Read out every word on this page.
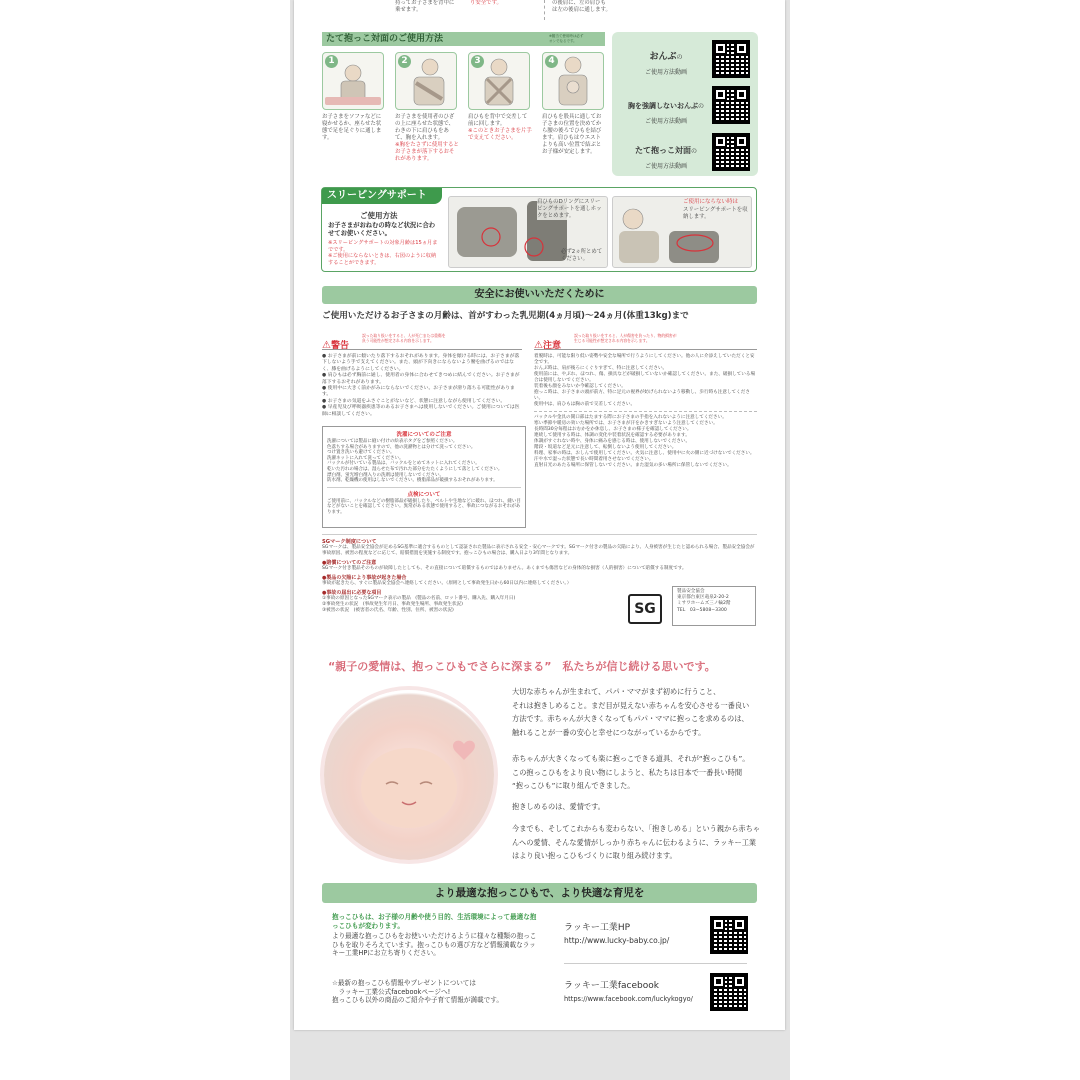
持ってお子さまを背中に
乗せます。
り安全です。	の後肩に、左の肩ひも
は左の後肩に通します。
たて抱っこ対面のご使用方法	※腰当て使用時は必ず
オンでなるです。
1	2	3	4
お子さまをソファなどに寝かせるか、座らせた状態で足を足ぐりに通します。
お子さまを使用者のひざの上に座らせた状態で、わきの下に肩ひもをあて、胸を入れます。
※胸をたさずに使用するとお子さまが落下するおそれがあります。
肩ひもを背中で交差して前に回します。
※このときお子さまを片手で支えてください。
肩ひもを股具に通してお子さまの位置を決めてから腰の後ろでひもを結びます。肩ひもはウエストよりも高い位置で結ぶとお子様が安定します。
おんぶの
ご使用方法動画
胸を強調しないおんぶの
ご使用方法動画
たて抱っこ対面の
ご使用方法動画
スリーピングサポート
ご使用方法
お子さまがおねむの時など状況に合わせてお使いください。
※スリーピングサポートの対象月齢は15ヵ月までです。
※ご使用にならないときは、右図のように収納することができます。
肩ひものDリングにスリーピングサポートを通しホックをとめます。
必ず2ヵ所とめてください。
ご使用にならない時は
スリーピングサポートを収納します。
安全にお使いいただくために
ご使用いただけるお子さまの月齢は、首がすわった乳児期(4ヵ月頃)〜24ヵ月(体重13kg)まで
⚠警告
誤った取り扱いをすると、人が死亡または重傷を
負う可能性が想定される内容を示します。
● お子さまが前に傾いたり落下するおそれがあります。身体を傾ける時には、お子さまが落下しないよう手で支えてください。また、頭が下向きにならないよう腰を曲げるのではなく、膝を曲げるようにしてください。
● 肩ひもは必ず胸前に通し、使用者の身体に合わせてきつめに結んでください。お子さまが落下するおそれがあります。
● 使用中に大きく前かがみにならないでください。お子さまが滑り落ちる可能性があります。
● お子さまの気道をふさぐことがないなど、状態に注意しながら使用してください。
● 早産児及び呼吸器疾患等のあるお子さまへは使用しないでください。ご使用については医師に相談してください。
洗濯についてのご注意
洗濯については製品に縫い付けの絵表示タグをご参照ください。
色落ちする場合がありますので、他の洗濯物とは分けて洗ってください。
つけ置き洗いも避けてください。
洗濯ネットに入れて洗ってください。
バックルが付いている製品は、バックルをとめてネットに入れてください。
乾いた汚れの場合は、湿らせた布で汚れた部分をたたくようにして落としてください。
漂白剤、蛍光増白剤入りの洗剤は使用しないでください。
防水剤、乾燥機の使用はしないでください。樹脂部品が破損するおそれがあります。
点検について
ご使用前に、バックルなどの樹脂部品が破損したり、ベルトや生地などに破れ、ほつれ、縫い目などがないことを確認してください。異常がある状態で使用すると、事故につながるおそれがあります。
⚠注意
誤った取り扱いをすると、人が傷害を負ったり、物的損害が
生じる可能性が想定される内容を示します。
着脱時は、可能な限り低い姿勢や安全な場所で行うようにしてください。他の人に介添えしていただくと安全です。
おんぶ時は、肩が後ろにくぐりすぎて、特に注意してください。
使用前には、やぶれ、ほつれ、傷、損具などが破損していないか確認してください。また、破損している場合は使用しないでください。
装着後も顔をみないか今確認してください。
抱っこ時は、お子さまの頭が前方、特に足元の視界が妨げられないよう移動し、歩行時も注意してください。
使用中は、肩ひもは胸の前で交差してください。
バックルや金具の開口部はたまする際にお子さまの手指を入れないように注意してください。
寒い季節や暖房の効いた場所では、お子さまが汗をかきすぎないよう注意してください。
長時間30分毎程はおむかをか休息し、お子さまの様子を確認してください。
連続して使用する時は、体調の変化や装着状況を確認する必要があります。
体調がすぐれない時や、身体に痛みを感じる時は、使用しないでください。
階段・坂道など足元に注意して、転倒しないよう使用してください。
料理、家事の時は、おしんで使用してください。火気に注意し、使用中に火の側に近づけないでください。
汗や水で湿った状態で長い時間着用させないでください。
直射日光のあたる場所に保管しないでください。また湿気の多い場所に保管しないでください。
SGマーク制度について
SGマークは、製品安全協会が定めるSG基準に適合するものとして認証された製品に表示される安全・安心マークです。SGマーク付きの製品の欠陥により、人身被害が生じたと認められる場合、製品安全協会が事故原因、被害の程度などに応じて、賠償措置を実施する制度です。抱っこひもの場合は、購入日より3年間となります。
●賠償についてのご注意
SGマーク付き製品そのものが故障したとしても、その直接について賠償するものではありません。あくまでも傷害などの身体的な損害（人的損害）について賠償する制度です。
●製品の欠陥により事故が起きた場合
事故が起きたら、すぐに製品安全協会へ連絡してください。（原則として事故発生日から60日以内に連絡してください。）
●事故の届出に必要な項目
①事故の原因となったSGマーク表示の製品　(製品の名前、ロット番号、購入先、購入年月日)
②事故発生の状況　(事故発生年月日、事故発生場所、事故発生状況)
③被害の状況　(被害者の氏名、年齢、性別、住所、被害の状況)	SG
製品安全協会
東京都台東区竜泉2-20-2
ミサワホームズ三ノ輪2階
TEL　03−5808−3300
“親子の愛情は、抱っこひもでさらに深まる”　私たちが信じ続ける思いです。
大切な赤ちゃんが生まれて、パパ・ママがまず初めに行うこと、
それは抱きしめること。まだ目が見えない赤ちゃんを安心させる一番良い
方法です。赤ちゃんが大きくなってもパパ・ママに抱っこを求めるのは、
触れることが一番の安心と幸せにつながっているからです。
赤ちゃんが大きくなっても楽に抱っこできる道具、それが“抱っこひも”。
この抱っこひもをより良い物にしようと、私たちは日本で一番長い時間
“抱っこひも”に取り組んできました。
抱きしめるのは、愛情です。
今までも、そしてこれからも変わらない、「抱きしめる」という親から赤ちゃ
んへの愛情、そんな愛情がしっかり赤ちゃんに伝わるように、ラッキー工業
はより良い抱っこひもづくりに取り組み続けます。
より最適な抱っこひもで、より快適な育児を
抱っこひもは、お子様の月齢や使う目的、生活環境によって最適な抱っこひもが変わります。
より最適な抱っこひもをお使いいただけるように様々な種類の抱っこひもを取りそろえています。抱っこひもの選び方など情報満載なラッキー工業HPにお立ち寄りください。
☆最新の抱っこひも情報やプレゼントについては
　ラッキー工業公式facebookページへ!
抱っこひも以外の商品のご紹介や子育て情報が満載です。
ラッキー工業HP
http://www.lucky-baby.co.jp/
ラッキー工業facebook
https://www.facebook.com/luckykogyo/
